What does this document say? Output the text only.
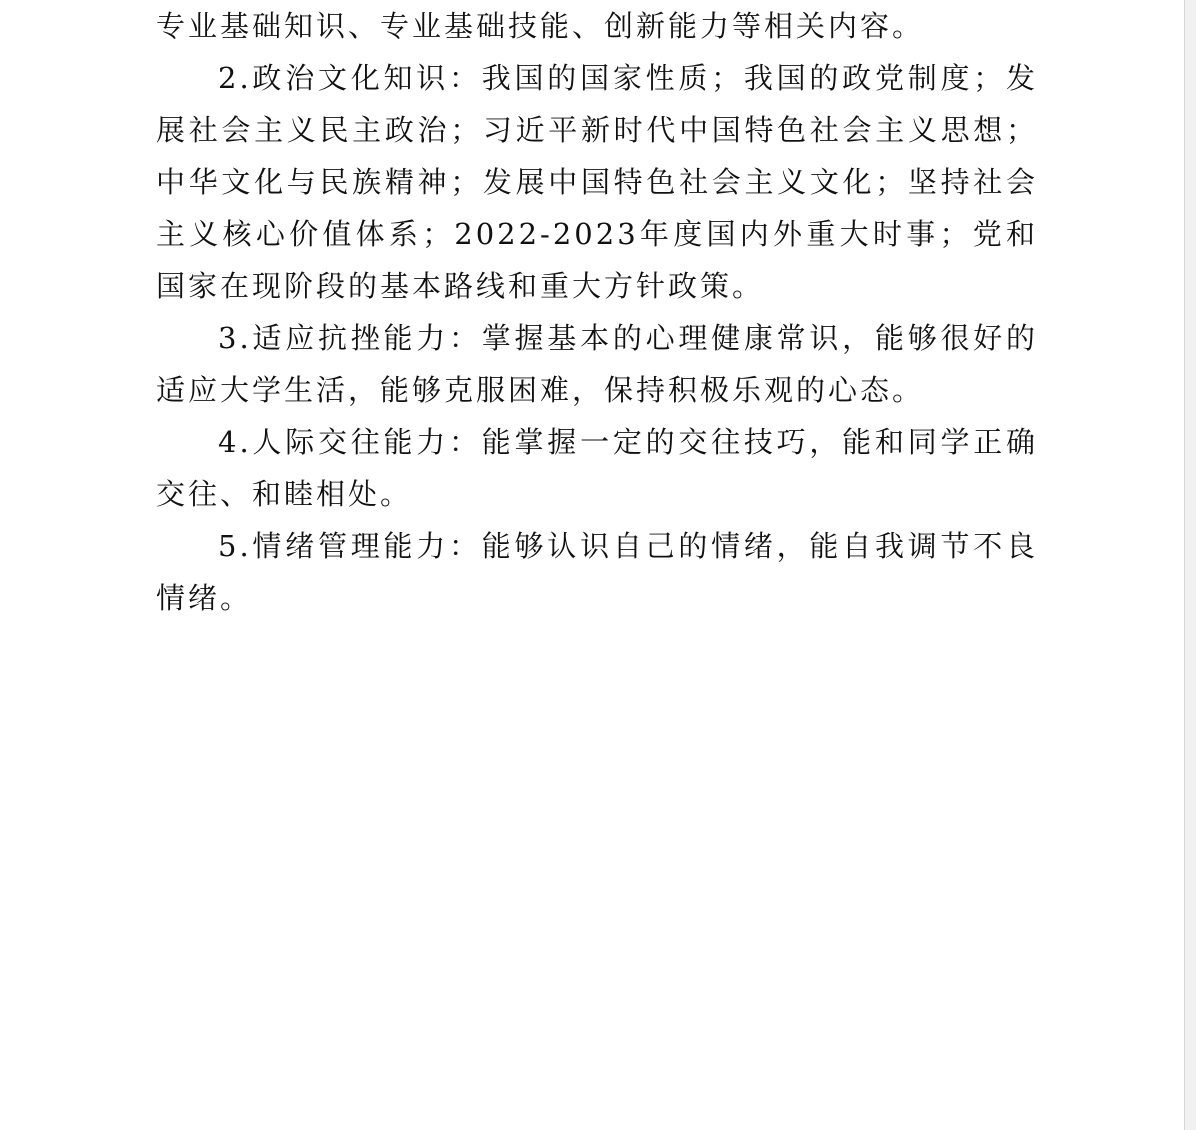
专业基础知识、专业基础技能、创新能力等相关内容。

2.政治文化知识：我国的国家性质；我国的政党制度；发展社会主义民主政治；习近平新时代中国特色社会主义思想；中华文化与民族精神；发展中国特色社会主义文化；坚持社会主义核心价值体系；2022-2023年度国内外重大时事；党和国家在现阶段的基本路线和重大方针政策。

3.适应抗挫能力：掌握基本的心理健康常识，能够很好的适应大学生活，能够克服困难，保持积极乐观的心态。

4.人际交往能力：能掌握一定的交往技巧，能和同学正确交往、和睦相处。

5.情绪管理能力：能够认识自己的情绪，能自我调节不良情绪。
